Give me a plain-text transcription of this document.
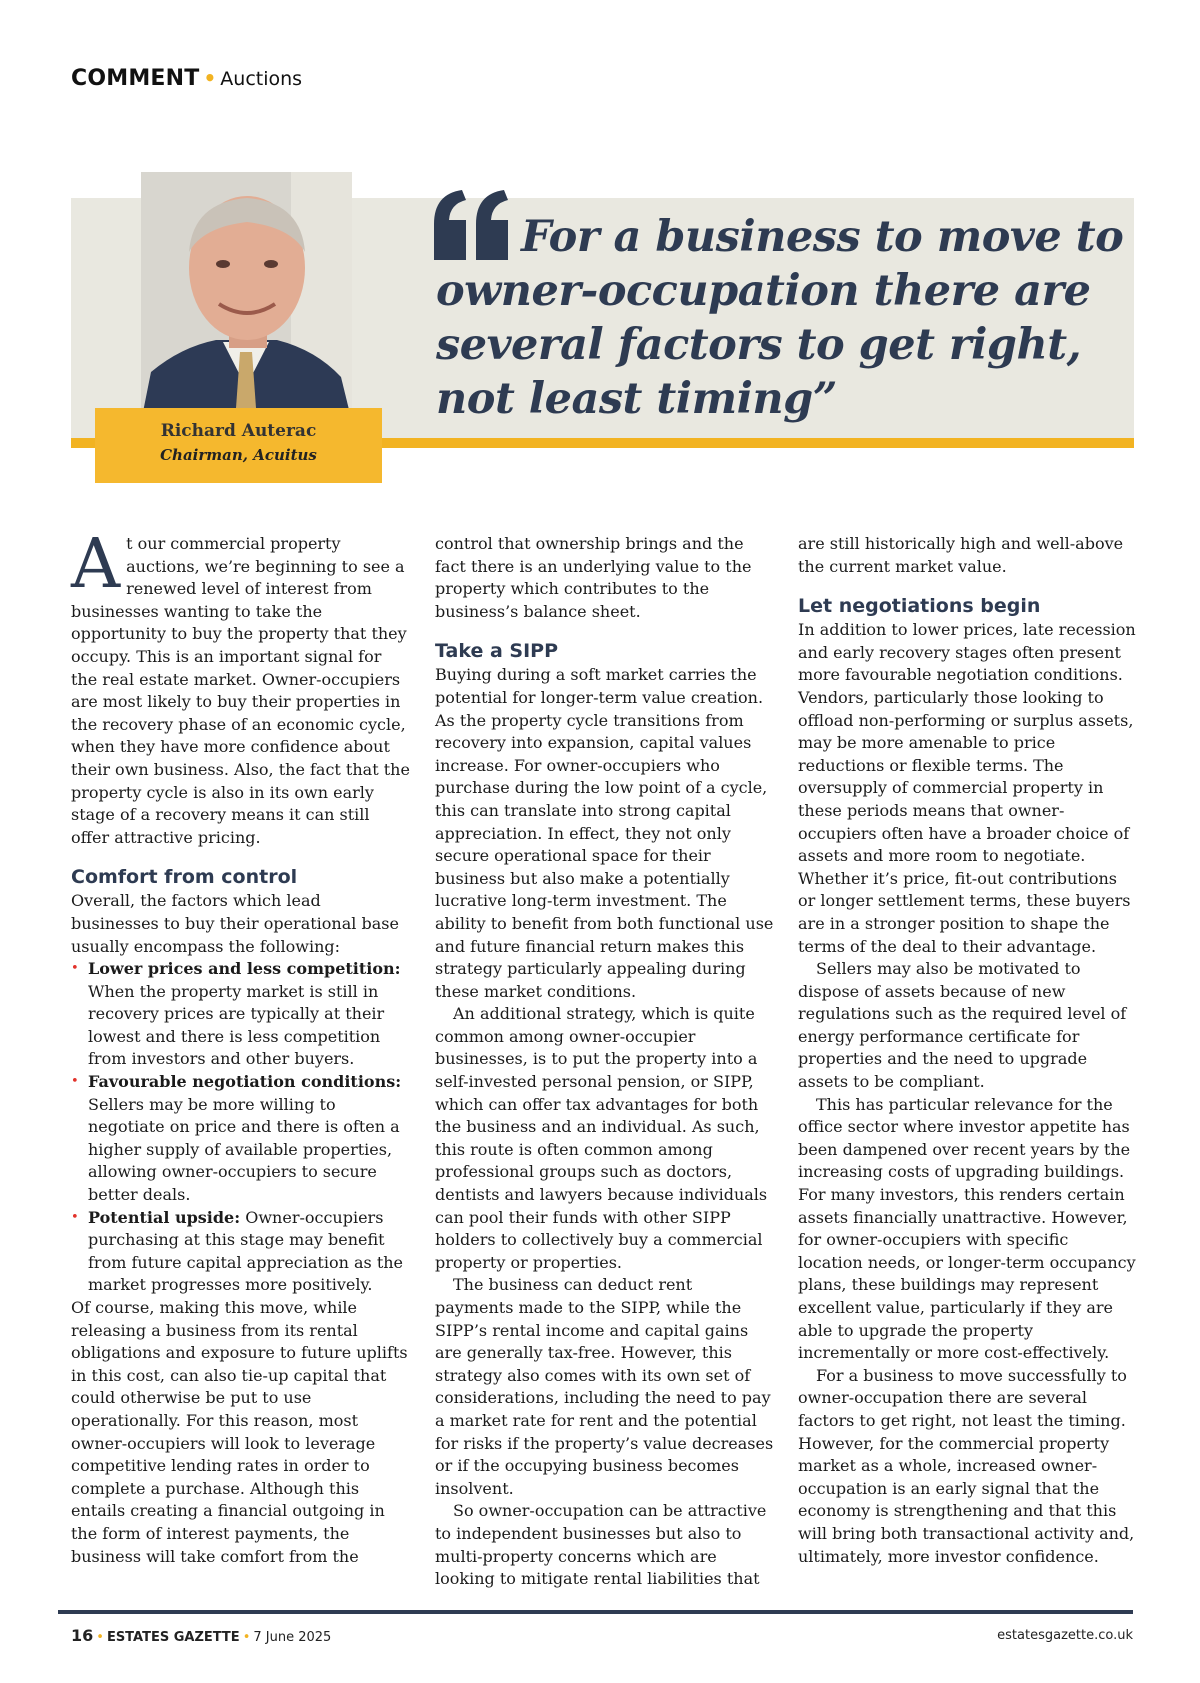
COMMENT • Auctions
Richard Auterac
Chairman, Acuitus
For a business to move to
owner-occupation there are
several factors to get right,
not least timing”

At our commercial property auctions, we’re beginning to see a renewed level of interest from businesses wanting to take the opportunity to buy the property that they occupy. This is an important signal for the real estate market. Owner-occupiers are most likely to buy their properties in the recovery phase of an economic cycle, when they have more confidence about their own business. Also, the fact that the property cycle is also in its own early stage of a recovery means it can still offer attractive pricing.

Comfort from control

Overall, the factors which lead businesses to buy their operational base usually encompass the following:

• Lower prices and less competition: When the property market is still in recovery prices are typically at their lowest and there is less competition from investors and other buyers.
• Favourable negotiation conditions: Sellers may be more willing to negotiate on price and there is often a higher supply of available properties, allowing owner-occupiers to secure better deals.
• Potential upside: Owner-occupiers purchasing at this stage may benefit from future capital appreciation as the market progresses more positively.

Of course, making this move, while releasing a business from its rental obligations and exposure to future uplifts in this cost, can also tie-up capital that could otherwise be put to use operationally. For this reason, most owner-occupiers will look to leverage competitive lending rates in order to complete a purchase. Although this entails creating a financial outgoing in the form of interest payments, the business will take comfort from the

control that ownership brings and the fact there is an underlying value to the property which contributes to the business’s balance sheet.

Take a SIPP

Buying during a soft market carries the potential for longer-term value creation. As the property cycle transitions from recovery into expansion, capital values increase. For owner-occupiers who purchase during the low point of a cycle, this can translate into strong capital appreciation. In effect, they not only secure operational space for their business but also make a potentially lucrative long-term investment. The ability to benefit from both functional use and future financial return makes this strategy particularly appealing during these market conditions.

An additional strategy, which is quite common among owner-occupier businesses, is to put the property into a self-invested personal pension, or SIPP, which can offer tax advantages for both the business and an individual. As such, this route is often common among professional groups such as doctors, dentists and lawyers because individuals can pool their funds with other SIPP holders to collectively buy a commercial property or properties.

The business can deduct rent payments made to the SIPP, while the SIPP’s rental income and capital gains are generally tax-free. However, this strategy also comes with its own set of considerations, including the need to pay a market rate for rent and the potential for risks if the property’s value decreases or if the occupying business becomes insolvent.

So owner-occupation can be attractive to independent businesses but also to multi-property concerns which are looking to mitigate rental liabilities that

are still historically high and well-above the current market value.

Let negotiations begin

In addition to lower prices, late recession and early recovery stages often present more favourable negotiation conditions. Vendors, particularly those looking to offload non-performing or surplus assets, may be more amenable to price reductions or flexible terms. The oversupply of commercial property in these periods means that owner-occupiers often have a broader choice of assets and more room to negotiate. Whether it’s price, fit-out contributions or longer settlement terms, these buyers are in a stronger position to shape the terms of the deal to their advantage.

Sellers may also be motivated to dispose of assets because of new regulations such as the required level of energy performance certificate for properties and the need to upgrade assets to be compliant.

This has particular relevance for the office sector where investor appetite has been dampened over recent years by the increasing costs of upgrading buildings. For many investors, this renders certain assets financially unattractive. However, for owner-occupiers with specific location needs, or longer-term occupancy plans, these buildings may represent excellent value, particularly if they are able to upgrade the property incrementally or more cost-effectively.

For a business to move successfully to owner-occupation there are several factors to get right, not least the timing. However, for the commercial property market as a whole, increased owner-occupation is an early signal that the economy is strengthening and that this will bring both transactional activity and, ultimately, more investor confidence.

16 • ESTATES GAZETTE • 7 June 2025	estatesgazette.co.uk
